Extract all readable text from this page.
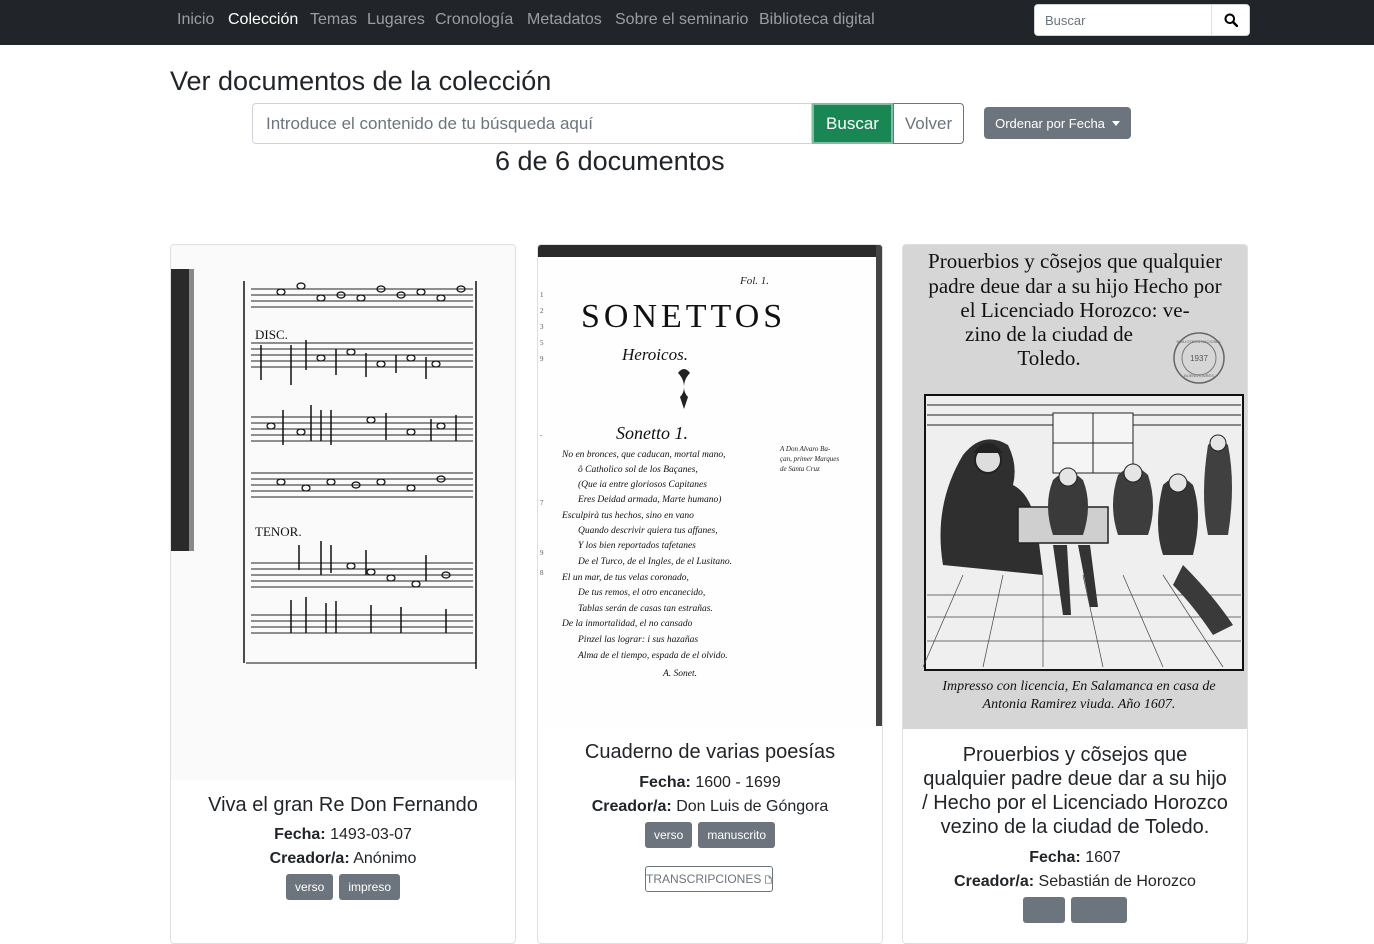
Inicio Colección Temas Lugares Cronología Metadatos Sobre el seminario Biblioteca digital
Buscar
Ver documentos de la colección
Introduce el contenido de tu búsqueda aquí
Buscar	Volver	Ordenar por Fecha
6 de 6 documentos
DISC.
TENOR.
Viva el gran Re Don Fernando
Fecha: 1493-03-07
Creador/a: Anónimo
verso	impreso
Fol. 1.
SONETTOS
Heroicos.
Sonetto 1.
No en bronces, que caducan, mortal mano,
ô Catholico sol de los Baçanes,
(Que ia entre gloriosos Capitanes
Eres Deidad armada, Marte humano)
Esculpirà tus hechos, sino en vano
Quando descrivir quiera tus affanes,
Y los bien reportados tafetanes
De el Turco, de el Ingles, de el Lusitano.
El un mar, de tus velas coronado,
De tus remos, el otro encanecido,
Tablas serán de casas tan estrañas.
De la inmortalidad, el no cansado
Pinzel las lograr: i sus hazañas
Alma de el tiempo, espada de el olvido.
A. Sonet.
A Don Alvaro Ba-
çan, primer Marques
de Santa Cruz
1
2
3
5
9
-
7
9
8
Cuaderno de varias poesías
Fecha: 1600 - 1699
Creador/a: Don Luis de Góngora
verso	manuscrito
TRANSCRIPCIONES
Prouerbios y cõsejos que qualquier
padre deue dar a su hijo Hecho por
el Licenciado Horozco: ve-
zino de la ciudad de
Toledo.	1937
BIBLIOTECA NACIONAL
BUENOS AIRES
Impresso con licencia, En Salamanca en casa de
Antonia Ramirez viuda. Año 1607.
Prouerbios y cõsejos que qualquier padre deue dar a su hijo / Hecho por el Licenciado Horozco vezino de la ciudad de Toledo.
Fecha: 1607
Creador/a: Sebastián de Horozco
